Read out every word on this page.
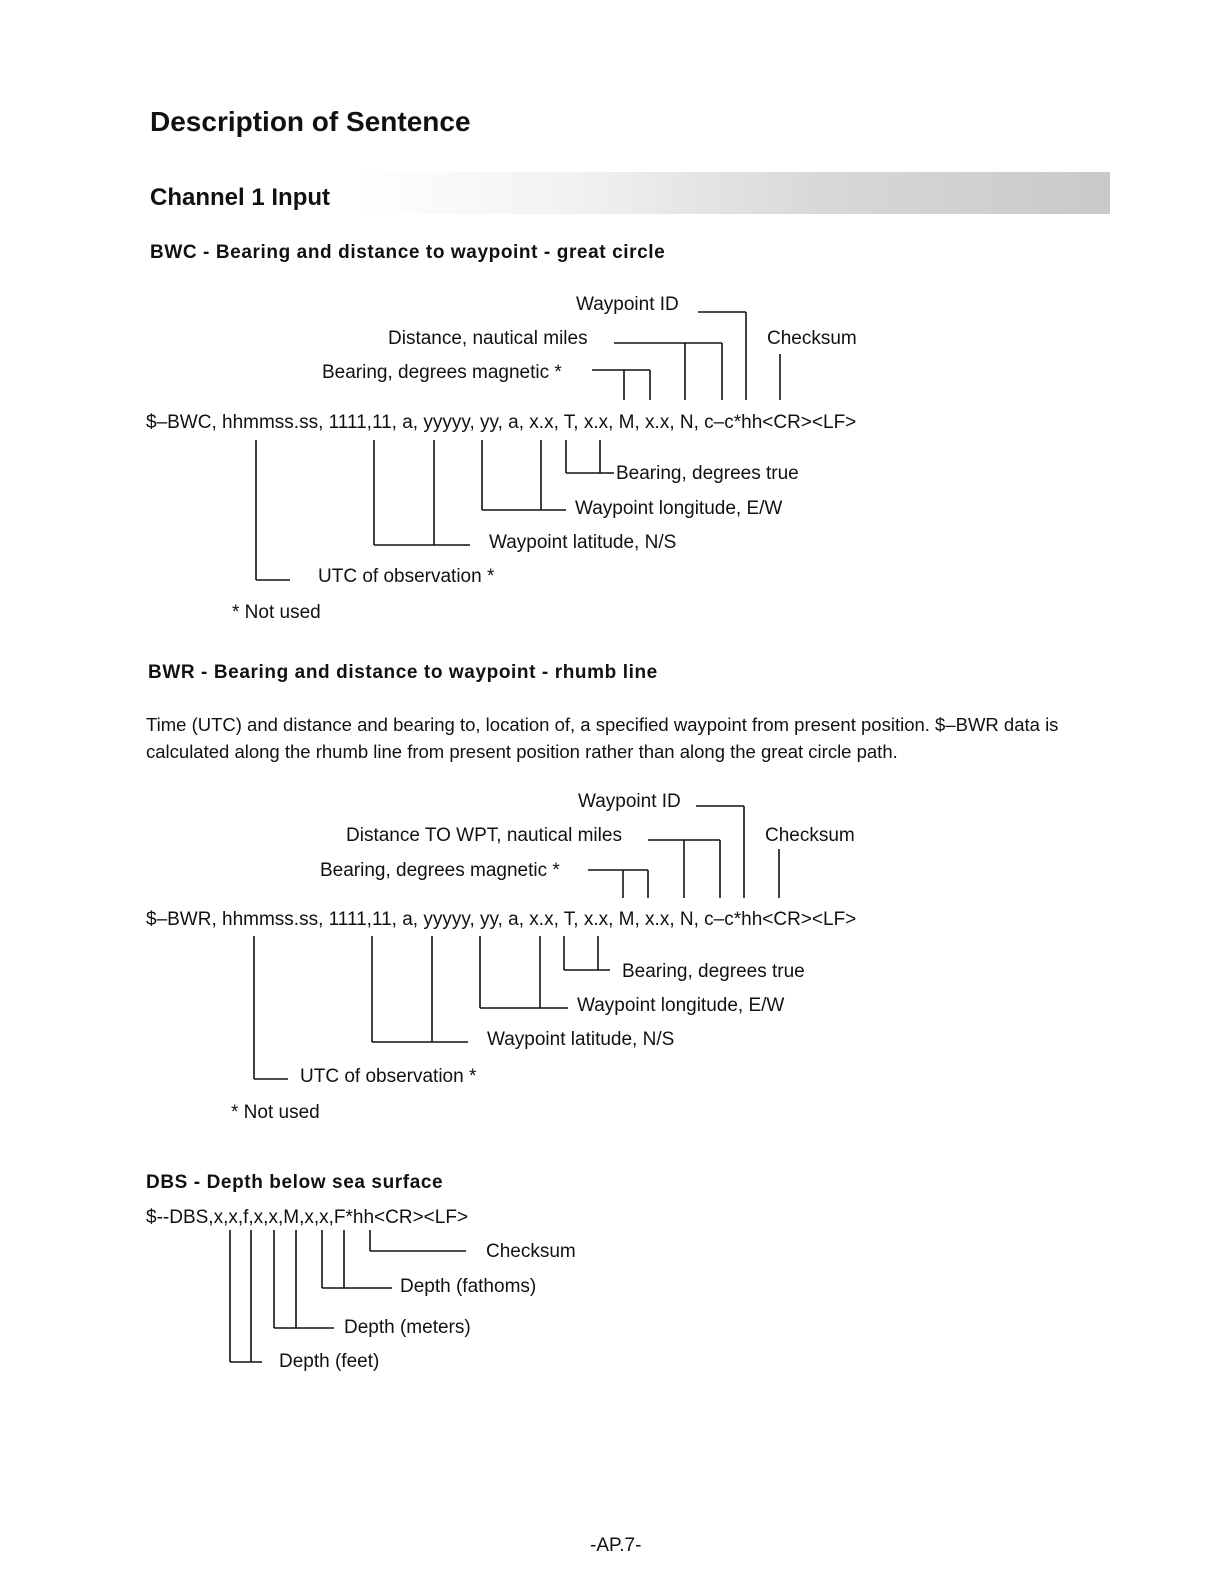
Description of Sentence
Channel 1 Input
BWC - Bearing and distance to waypoint - great circle
Waypoint ID
Distance, nautical miles	Checksum
Bearing, degrees magnetic *
$–BWC, hhmmss.ss, 1111,11, a, yyyyy, yy, a, x.x, T, x.x, M, x.x, N, c–c*hh<CR><LF>
Bearing, degrees true
Waypoint longitude, E/W
Waypoint latitude, N/S
UTC of observation *
* Not used
BWR - Bearing and distance to waypoint - rhumb line
Time (UTC) and distance and bearing to, location of, a specified waypoint from present position. $–BWR data is calculated along the rhumb line from present position rather than along the great circle path.
Waypoint ID
Distance TO WPT, nautical miles	Checksum
Bearing, degrees magnetic *
$–BWR, hhmmss.ss, 1111,11, a, yyyyy, yy, a, x.x, T, x.x, M, x.x, N, c–c*hh<CR><LF>
Bearing, degrees true
Waypoint longitude, E/W
Waypoint latitude, N/S
UTC of observation *
* Not used
DBS - Depth below sea surface
$--DBS,x,x,f,x,x,M,x,x,F*hh<CR><LF>
Checksum
Depth (fathoms)
Depth (meters)
Depth (feet)
-AP.7-
